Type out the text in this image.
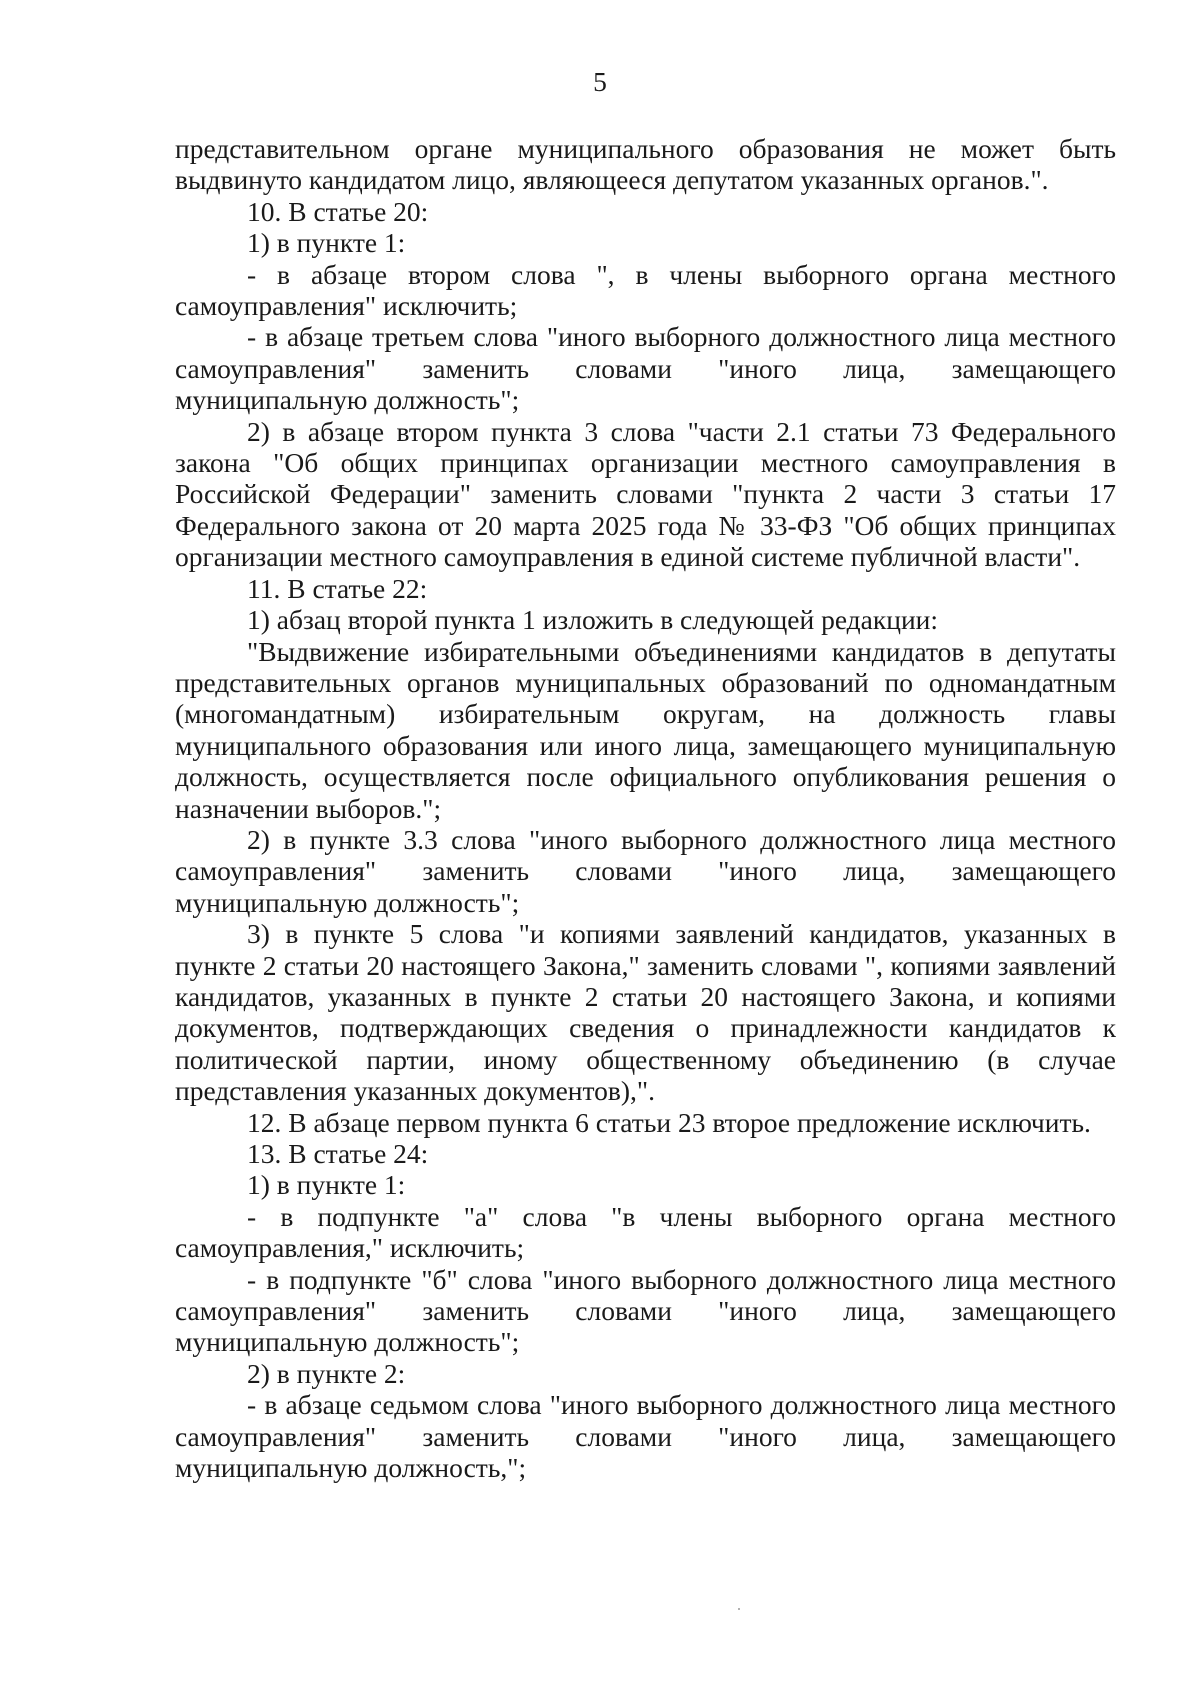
5

представительном органе муниципального образования не может быть выдвинуто кандидатом лицо, являющееся депутатом указанных органов.".

10. В статье 20:

1) в пункте 1:

- в абзаце втором слова ", в члены выборного органа местного самоуправления" исключить;

- в абзаце третьем слова "иного выборного должностного лица местного самоуправления" заменить словами "иного лица, замещающего муниципальную должность";

2) в абзаце втором пункта 3 слова "части 2.1 статьи 73 Федерального закона "Об общих принципах организации местного самоуправления в Российской Федерации" заменить словами "пункта 2 части 3 статьи 17 Федерального закона от 20 марта 2025 года № 33-ФЗ "Об общих принципах организации местного самоуправления в единой системе публичной власти".

11. В статье 22:

1) абзац второй пункта 1 изложить в следующей редакции:

"Выдвижение избирательными объединениями кандидатов в депутаты представительных органов муниципальных образований по одномандатным (многомандатным) избирательным округам, на должность главы муниципального образования или иного лица, замещающего муниципальную должность, осуществляется после официального опубликования решения о назначении выборов.";

2) в пункте 3.3 слова "иного выборного должностного лица местного самоуправления" заменить словами "иного лица, замещающего муниципальную должность";

3) в пункте 5 слова "и копиями заявлений кандидатов, указанных в пункте 2 статьи 20 настоящего Закона," заменить словами ", копиями заявлений кандидатов, указанных в пункте 2 статьи 20 настоящего Закона, и копиями документов, подтверждающих сведения о принадлежности кандидатов к политической партии, иному общественному объединению (в случае представления указанных документов),".

12. В абзаце первом пункта 6 статьи 23 второе предложение исключить.

13. В статье 24:

1) в пункте 1:

- в подпункте "а" слова "в члены выборного органа местного самоуправления," исключить;

- в подпункте "б" слова "иного выборного должностного лица местного самоуправления" заменить словами "иного лица, замещающего муниципальную должность";

2) в пункте 2:

- в абзаце седьмом слова "иного выборного должностного лица местного самоуправления" заменить словами "иного лица, замещающего муниципальную должность,";
